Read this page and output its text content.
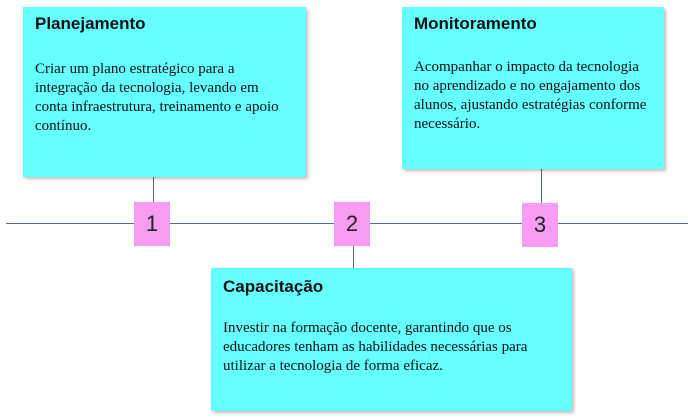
Planejamento

Criar um plano estratégico para a integração da tecnologia, levando em conta infraestrutura, treinamento e apoio contínuo.

Monitoramento

Acompanhar o impacto da tecnologia no aprendizado e no engajamento dos alunos, ajustando estratégias conforme necessário.

Capacitação

Investir na formação docente, garantindo que os educadores tenham as habilidades necessárias para utilizar a tecnologia de forma eficaz.

1	2	3
